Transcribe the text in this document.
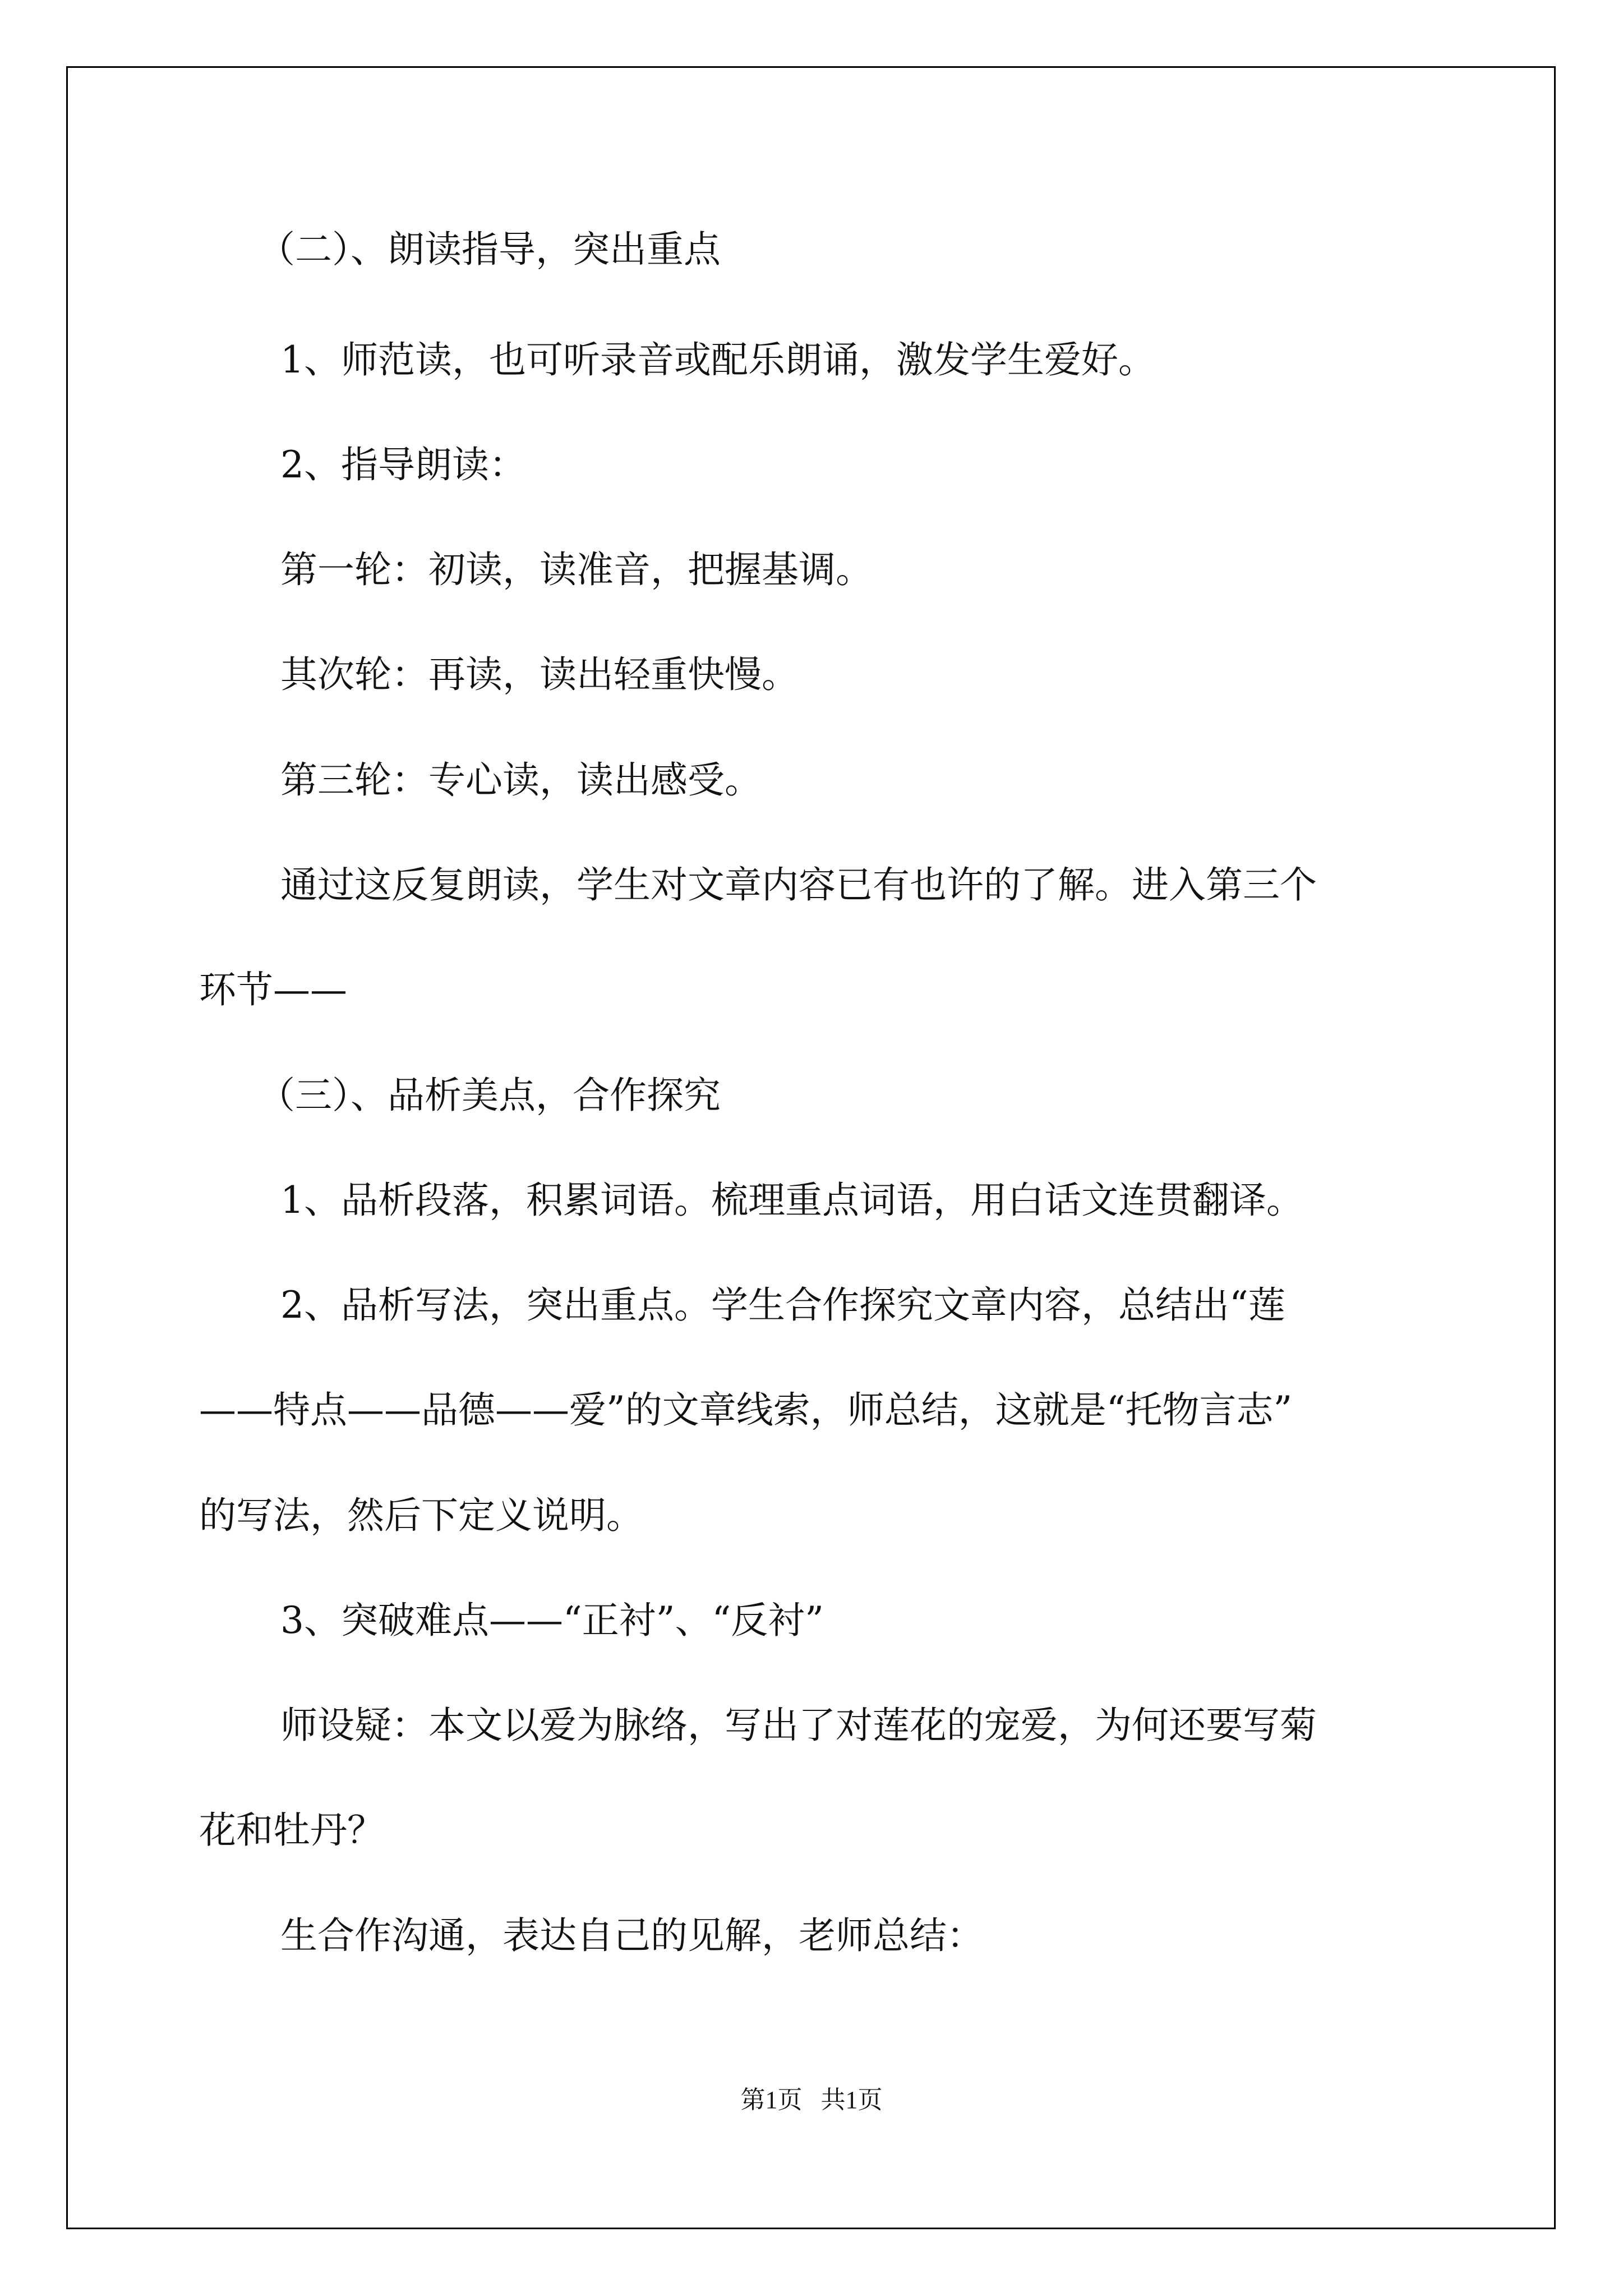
（二）、朗读指导，突出重点

1、师范读，也可听录音或配乐朗诵，激发学生爱好。

2、指导朗读：

第一轮：初读，读准音，把握基调。

其次轮：再读，读出轻重快慢。

第三轮：专心读，读出感受。

通过这反复朗读，学生对文章内容已有也许的了解。进入第三个

环节——

（三）、品析美点，合作探究

1、品析段落，积累词语。梳理重点词语，用白话文连贯翻译。

2、品析写法，突出重点。学生合作探究文章内容，总结出“莲

——特点——品德——爱”的文章线索，师总结，这就是“托物言志”

的写法，然后下定义说明。

3、突破难点——“正衬”、“反衬”

师设疑：本文以爱为脉络，写出了对莲花的宠爱，为何还要写菊

花和牡丹？

生合作沟通，表达自己的见解，老师总结：

第1页   共1页
